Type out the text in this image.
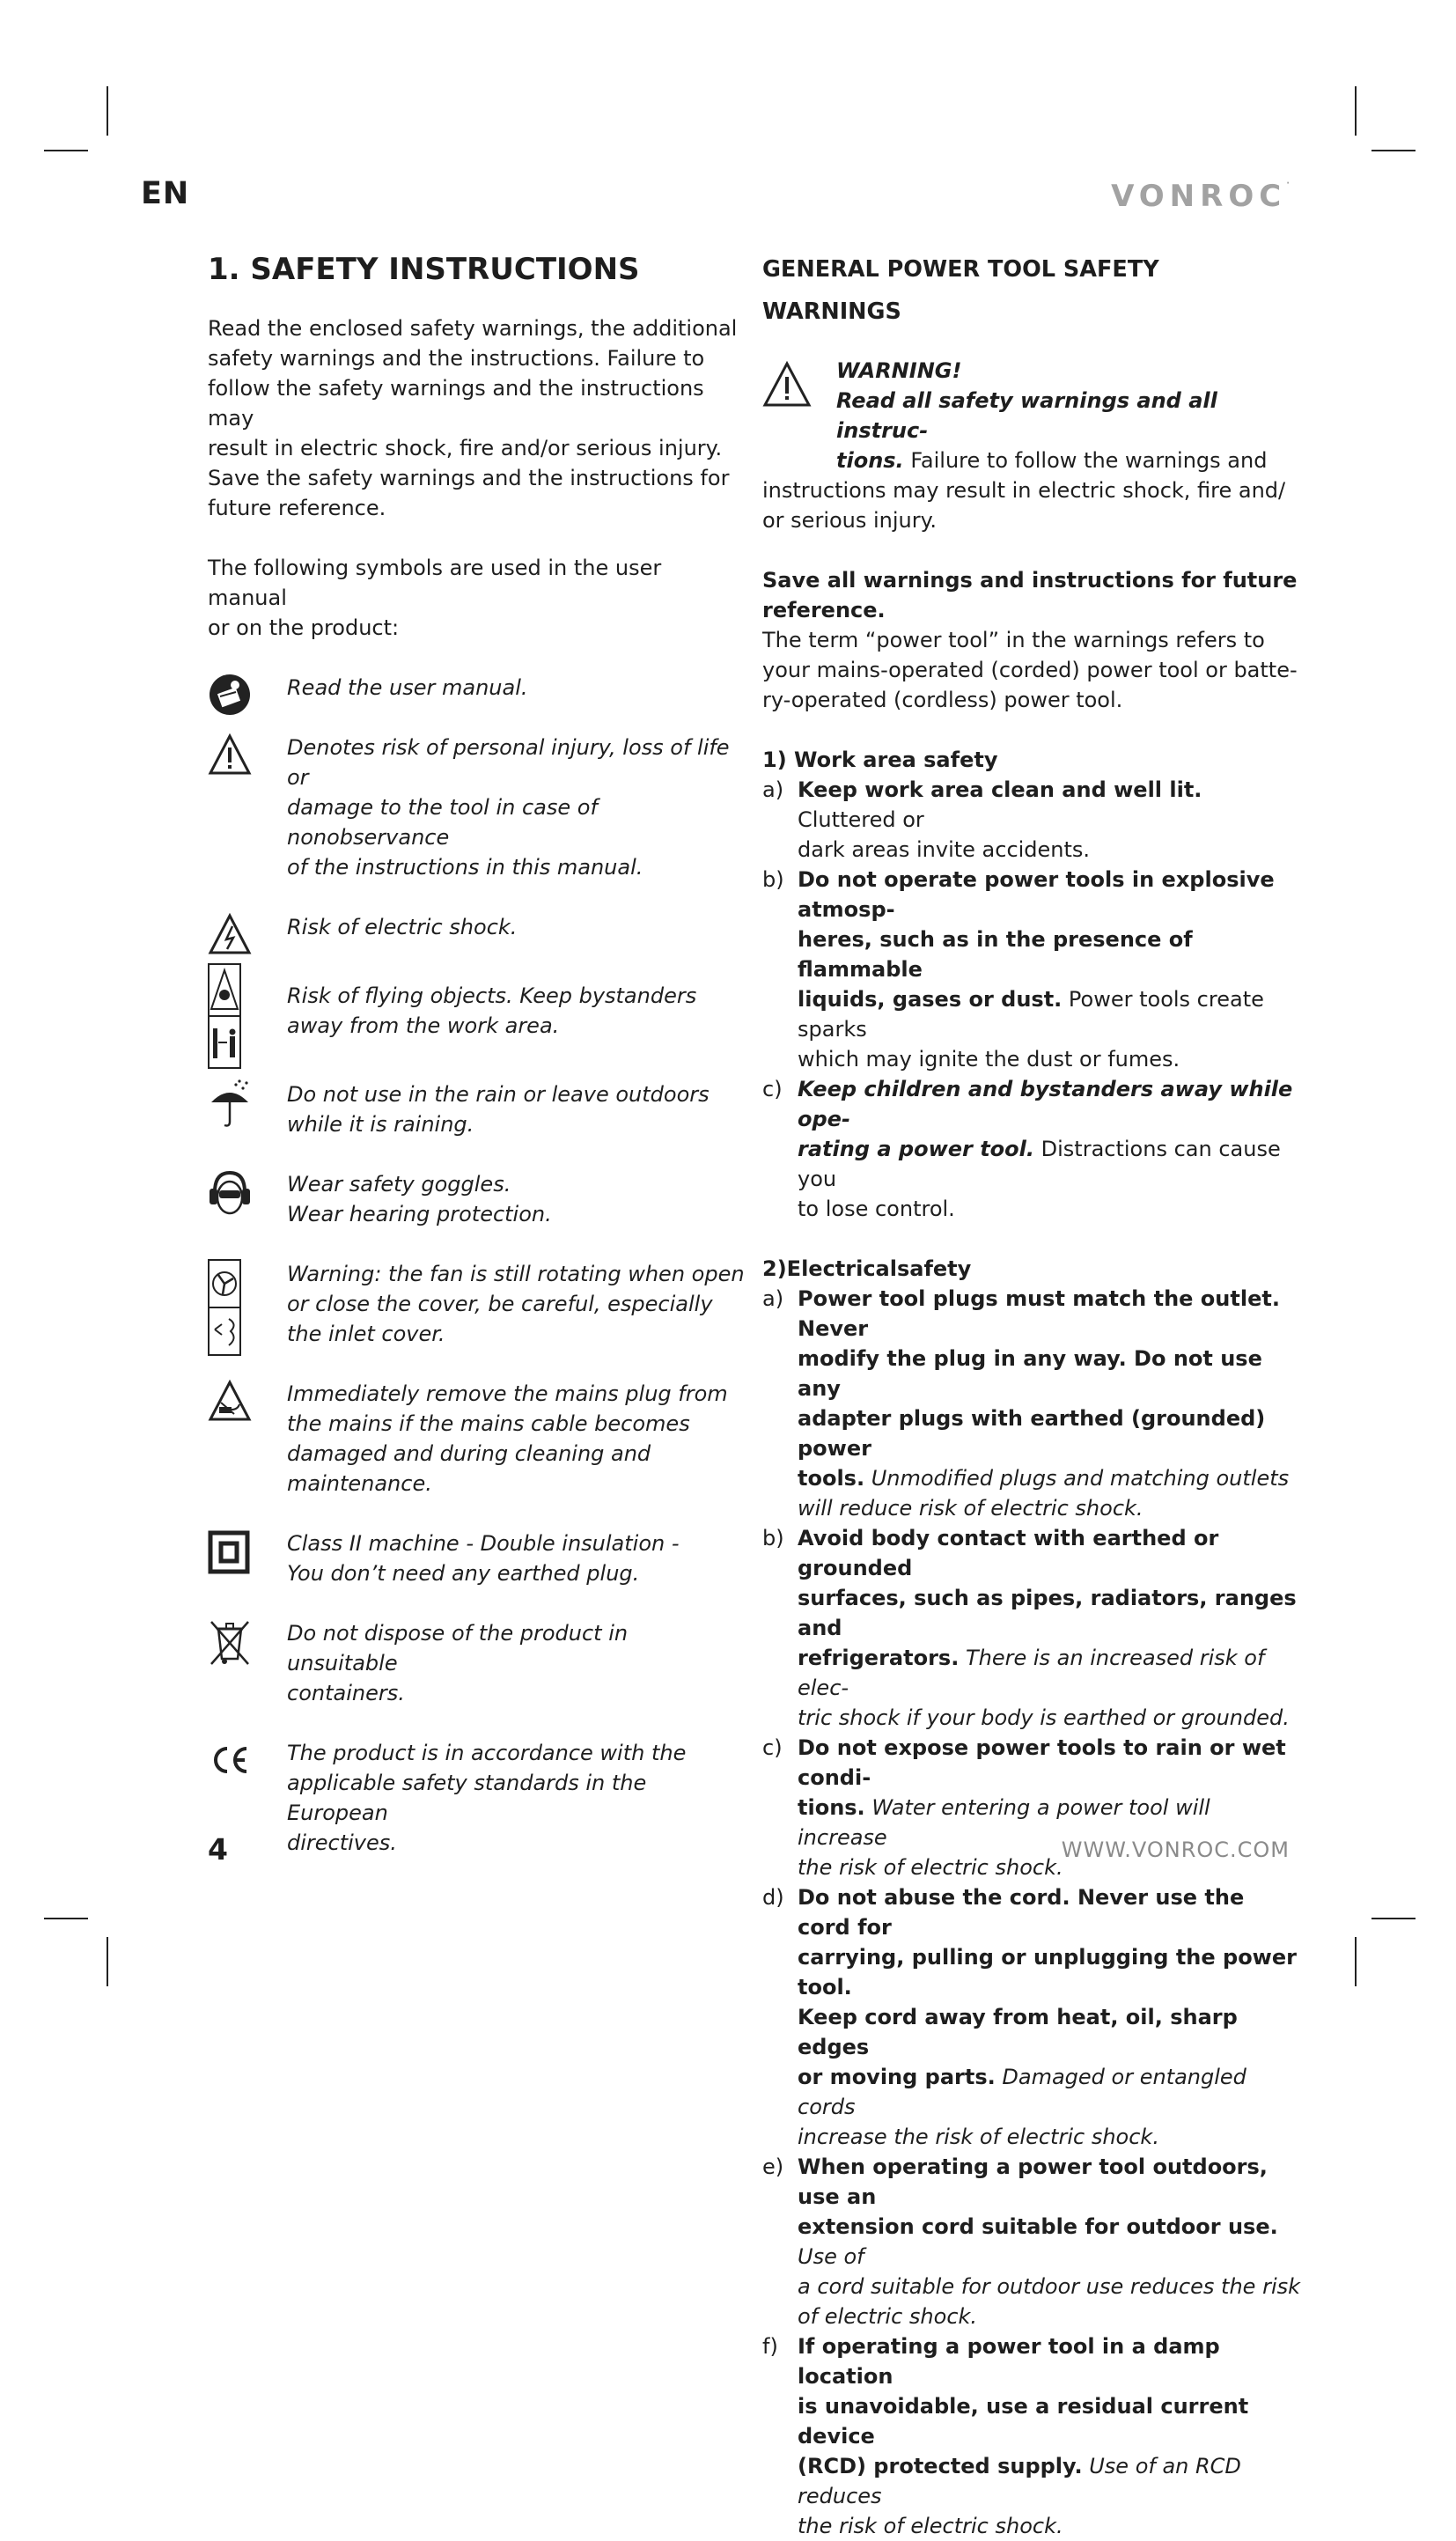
EN	VONROC·
1. SAFETY INSTRUCTIONS

Read the enclosed safety warnings, the additional

safety warnings and the instructions. Failure to

follow the safety warnings and the instructions may

result in electric shock, fire and/or serious injury.

Save the safety warnings and the instructions for

future reference.

The following symbols are used in the user manual

or on the product:

Read the user manual.

Denotes risk of personal injury, loss of life or

damage to the tool in case of nonobservance

of the instructions in this manual.

Risk of electric shock.

Risk of flying objects. Keep bystanders

away from the work area.

Do not use in the rain or leave outdoors

while it is raining.

Wear safety goggles.

Wear hearing protection.

Warning: the fan is still rotating when open

or close the cover, be careful, especially

the inlet cover.

Immediately remove the mains plug from

the mains if the mains cable becomes

damaged and during cleaning and

maintenance.

Class II machine - Double insulation -

You don’t need any earthed plug.

Do not dispose of the product in unsuitable

containers.

The product is in accordance with the

applicable safety standards in the European

directives.

GENERAL POWER TOOL SAFETY WARNINGS

WARNING!

Read all safety warnings and all instruc-

tions. Failure to follow the warnings and

instructions may result in electric shock, fire and/

or serious injury.

Save all warnings and instructions for future

reference.

The term “power tool” in the warnings refers to

your mains-operated (corded) power tool or batte-

ry-operated (cordless) power tool.

1) Work area safety

a) Keep work area clean and well lit. Cluttered or

dark areas invite accidents.

b) Do not operate power tools in explosive atmosp-

heres, such as in the presence of flammable

liquids, gases or dust. Power tools create sparks

which may ignite the dust or fumes.

c) Keep children and bystanders away while ope-

rating a power tool. Distractions can cause you

to lose control.

2)Electricalsafety

a) Power tool plugs must match the outlet. Never

modify the plug in any way. Do not use any

adapter plugs with earthed (grounded) power

tools. Unmodified plugs and matching outlets

will reduce risk of electric shock.

b) Avoid body contact with earthed or grounded

surfaces, such as pipes, radiators, ranges and

refrigerators. There is an increased risk of elec-

tric shock if your body is earthed or grounded.

c) Do not expose power tools to rain or wet condi-

tions. Water entering a power tool will increase

the risk of electric shock.

d) Do not abuse the cord. Never use the cord for

carrying, pulling or unplugging the power tool.

Keep cord away from heat, oil, sharp edges

or moving parts. Damaged or entangled cords

increase the risk of electric shock.

e) When operating a power tool outdoors, use an

extension cord suitable for outdoor use. Use of

a cord suitable for outdoor use reduces the risk

of electric shock.

f) If operating a power tool in a damp location

is unavoidable, use a residual current device

(RCD) protected supply. Use of an RCD reduces

the risk of electric shock.

4	WWW.VONROC.COM
